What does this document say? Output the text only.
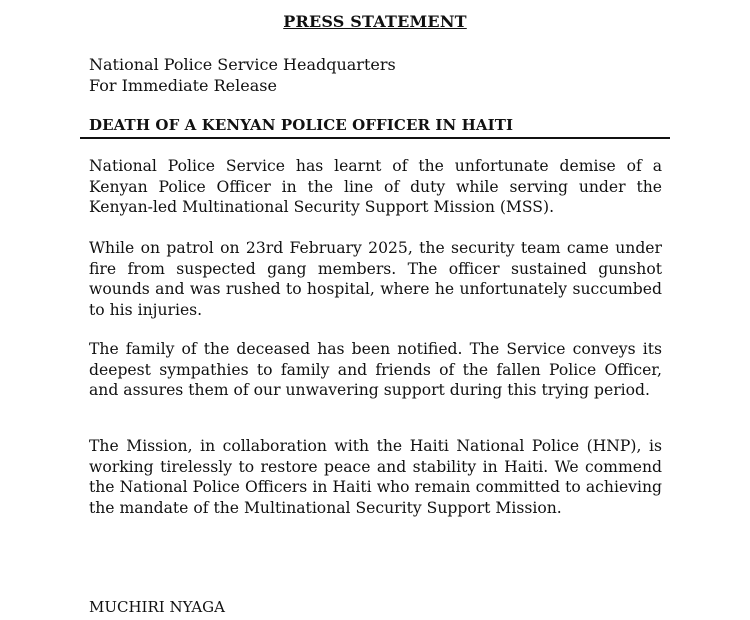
PRESS STATEMENT
National Police Service Headquarters
For Immediate Release
DEATH OF A KENYAN POLICE OFFICER IN HAITI
National Police Service has learnt of the unfortunate demise of a Kenyan Police Officer in the line of duty while serving under the Kenyan-led Multinational Security Support Mission (MSS).
While on patrol on 23rd February 2025, the security team came under fire from suspected gang members. The officer sustained gunshot wounds and was rushed to hospital, where he unfortunately succumbed to his injuries.
The family of the deceased has been notified. The Service conveys its deepest sympathies to family and friends of the fallen Police Officer, and assures them of our unwavering support during this trying period.
The Mission, in collaboration with the Haiti National Police (HNP), is working tirelessly to restore peace and stability in Haiti. We commend the National Police Officers in Haiti who remain committed to achieving the mandate of the Multinational Security Support Mission.
MUCHIRI NYAGA
